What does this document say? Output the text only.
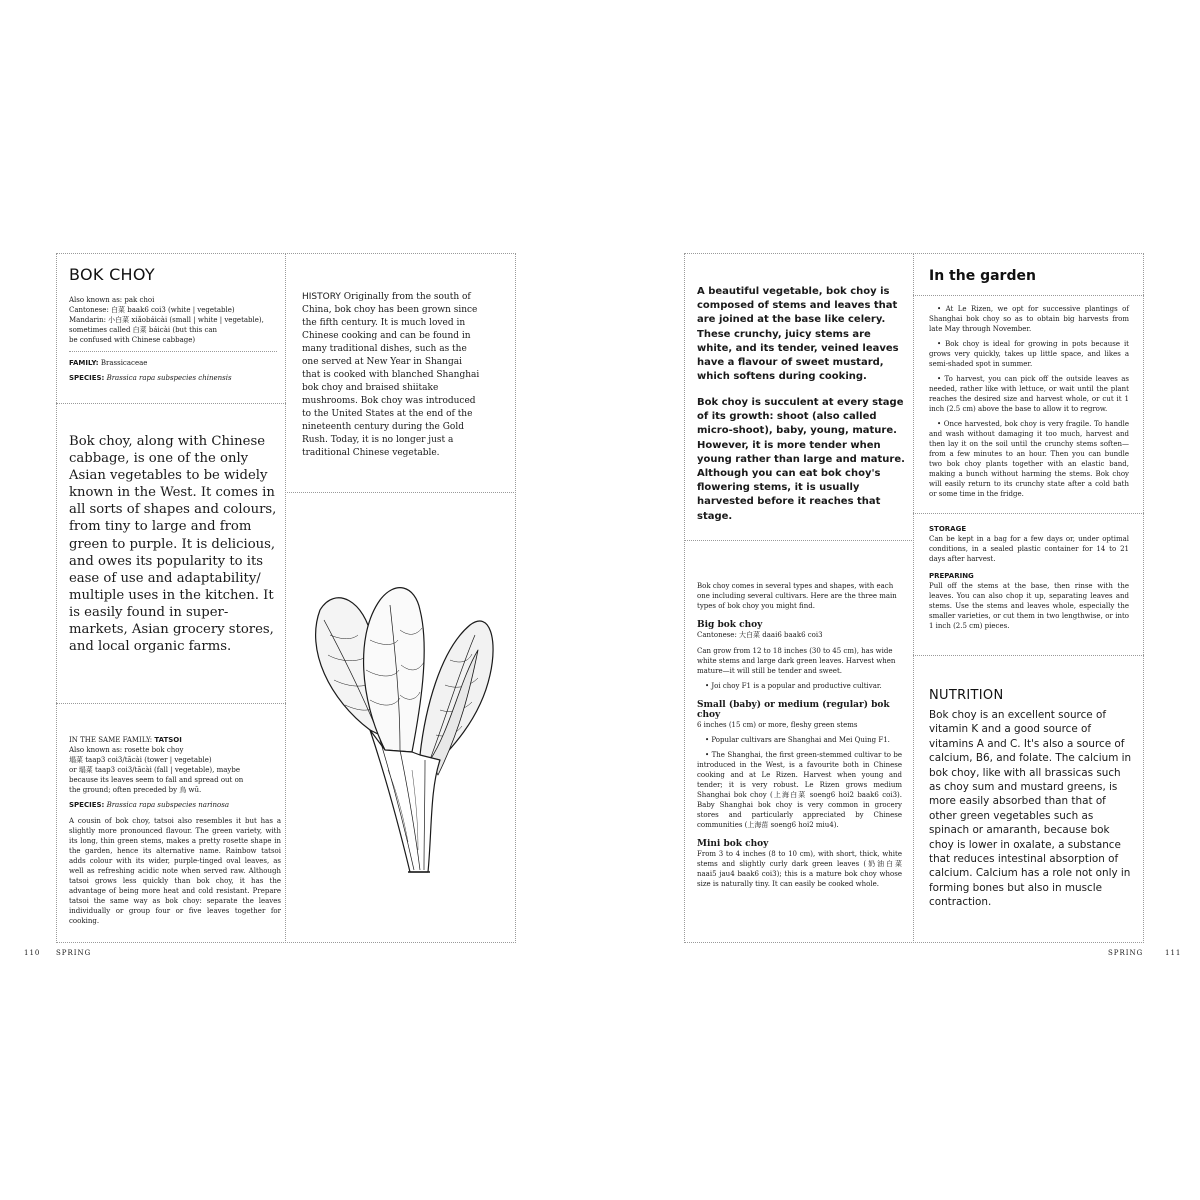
BOK CHOY
Also known as: pak choi
Cantonese: 白菜 baak6 coi3 (white | vegetable)
Mandarin: 小白菜 xiǎobáicài (small | white | vegetable),
sometimes called 白菜 báicài (but this can
be confused with Chinese cabbage)
FAMILY: Brassicaceae
SPECIES: Brassica rapa subspecies chinensis
Bok choy, along with Chinese cabbage, is one of the only Asian vegetables to be widely known in the West. It comes in all sorts of shapes and colours, from tiny to large and from green to purple. It is delicious, and owes its popularity to its ease of use and adaptability/ multiple uses in the kitchen. It is easily found in super-markets, Asian grocery stores, and local organic farms.
IN THE SAME FAMILY: TATSOI
Also known as: rosette bok choy
塌菜 taap3 coi3/tācài (tower | vegetable)
or 塌菜 taap3 coi3/tācài (fall | vegetable), maybe
because its leaves seem to fall and spread out on
the ground; often preceded by 烏 wū.
SPECIES: Brassica rapa subspecies narinosa
A cousin of bok choy, tatsoi also resembles it but has a slightly more pronounced flavour. The green variety, with its long, thin green stems, makes a pretty rosette shape in the garden, hence its alternative name. Rainbow tatsoi adds colour with its wider, purple-tinged oval leaves, as well as refreshing acidic note when served raw. Although tatsoi grows less quickly than bok choy, it has the advantage of being more heat and cold resistant. Prepare tatsoi the same way as bok choy: separate the leaves individually or group four or five leaves together for cooking.
HISTORY Originally from the south of China, bok choy has been grown since the fifth century. It is much loved in Chinese cooking and can be found in many traditional dishes, such as the one served at New Year in Shangai that is cooked with blanched Shanghai bok choy and braised shiitake mushrooms. Bok choy was introduced to the United States at the end of the nineteenth century during the Gold Rush. Today, it is no longer just a traditional Chinese vegetable.
110 SPRING
A beautiful vegetable, bok choy is composed of stems and leaves that are joined at the base like celery. These crunchy, juicy stems are white, and its tender, veined leaves have a flavour of sweet mustard, which softens during cooking.
Bok choy is succulent at every stage of its growth: shoot (also called micro-shoot), baby, young, mature. However, it is more tender when young rather than large and mature. Although you can eat bok choy's flowering stems, it is usually harvested before it reaches that stage.
Bok choy comes in several types and shapes, with each one including several cultivars. Here are the three main types of bok choy you might find.
Big bok choy
Cantonese: 大白菜 daai6 baak6 coi3
Can grow from 12 to 18 inches (30 to 45 cm), has wide white stems and large dark green leaves. Harvest when mature—it will still be tender and sweet.
• Joi choy F1 is a popular and productive cultivar.
Small (baby) or medium (regular) bok choy
6 inches (15 cm) or more, fleshy green stems
• Popular cultivars are Shanghai and Mei Quing F1.
• The Shanghai, the first green-stemmed cultivar to be introduced in the West, is a favourite both in Chinese cooking and at Le Rizen. Harvest when young and tender; it is very robust. Le Rizen grows medium Shanghai bok choy (上海白菜 soeng6 hoi2 baak6 coi3). Baby Shanghai bok choy is very common in grocery stores and particularly appreciated by Chinese communities (上海苗 soeng6 hoi2 miu4).
Mini bok choy
From 3 to 4 inches (8 to 10 cm), with short, thick, white stems and slightly curly dark green leaves (奶油白菜 naai5 jau4 baak6 coi3); this is a mature bok choy whose size is naturally tiny. It can easily be cooked whole.
In the garden
• At Le Rizen, we opt for successive plantings of Shanghai bok choy so as to obtain big harvests from late May through November.
• Bok choy is ideal for growing in pots because it grows very quickly, takes up little space, and likes a semi-shaded spot in summer.
• To harvest, you can pick off the outside leaves as needed, rather like with lettuce, or wait until the plant reaches the desired size and harvest whole, or cut it 1 inch (2.5 cm) above the base to allow it to regrow.
• Once harvested, bok choy is very fragile. To handle and wash without damaging it too much, harvest and then lay it on the soil until the crunchy stems soften—from a few minutes to an hour. Then you can bundle two bok choy plants together with an elastic band, making a bunch without harming the stems. Bok choy will easily return to its crunchy state after a cold bath or some time in the fridge.
STORAGE
Can be kept in a bag for a few days or, under optimal conditions, in a sealed plastic container for 14 to 21 days after harvest.
PREPARING
Pull off the stems at the base, then rinse with the leaves. You can also chop it up, separating leaves and stems. Use the stems and leaves whole, especially the smaller varieties, or cut them in two lengthwise, or into 1 inch (2.5 cm) pieces.
NUTRITION
Bok choy is an excellent source of vitamin K and a good source of vitamins A and C. It's also a source of calcium, B6, and folate. The calcium in bok choy, like with all brassicas such as choy sum and mustard greens, is more easily absorbed than that of other green vegetables such as spinach or amaranth, because bok choy is lower in oxalate, a substance that reduces intestinal absorption of calcium. Calcium has a role not only in forming bones but also in muscle contraction.
SPRING	111
